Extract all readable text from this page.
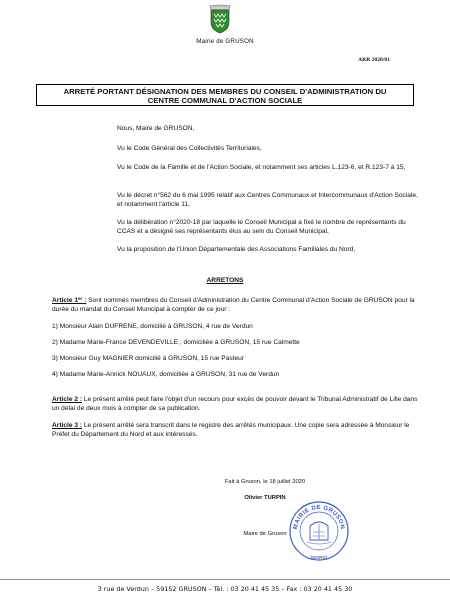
Mairie de GRUSON
ARR 2020/01
ARRETÉ PORTANT DÉSIGNATION DES MEMBRES DU CONSEIL D'ADMINISTRATION DU
CENTRE COMMUNAL D'ACTION SOCIALE
Nous, Maire de GRUSON,
Vu le Code Général des Collectivités Territoriales,
Vu le Code de la Famille et de l'Action Sociale, et notamment ses articles L.123-6, et R.123-7 à 15,
Vu le décret n°562 du 6 mai 1995 relatif aux Centres Communaux et Intercommunaux d'Action Sociale, et notamment l'article 11,
Vu la délibération n°2020-18 par laquelle le Conseil Municipal a fixé le nombre de représentants du CCAS et a désigné ses représentants élus au sein du Conseil Municipal,
Vu la proposition de l'Union Départementale des Associations Familiales du Nord,
ARRETONS
Article 1er : Sont nommés membres du Conseil d'Administration du Centre Communal d'Action Sociale de GRUSON pour la durée du mandat du Conseil Municipal à compter de ce jour :
1) Monsieur Alain DUFRENE, domicilié à GRUSON, 4 rue de Verdun
2) Madame Marie-France DEVENDEVILLE ; domiciliée à GRUSON, 15 rue Calmette
3) Monsieur Guy MAGNIER domicilié à GRUSON, 15 rue Pasteur
4) Madame Marie-Annick NOUAUX, domiciliée à GRUSON, 31 rue de Verdun
Article 2 : Le présent arrêté peut faire l'objet d'un recours pour excès de pouvoir devant le Tribunal Administratif de Lille dans un délai de deux mois à compter de sa publication.
Article 3 : Le présent arrêté sera transcrit dans le registre des arrêtés municipaux. Une copie sera adressée à Monsieur le Préfet du Département du Nord et aux intéressés.
Fait à Gruson, le 18 juillet 2020
Olivier TURPIN
Maire de Gruson
MAIRIE DE GRUSON
(NORD)
3 rue de Verdun – 59152 GRUSON – Tél. : 03 20 41 45 35 – Fax : 03 20 41 45 30
